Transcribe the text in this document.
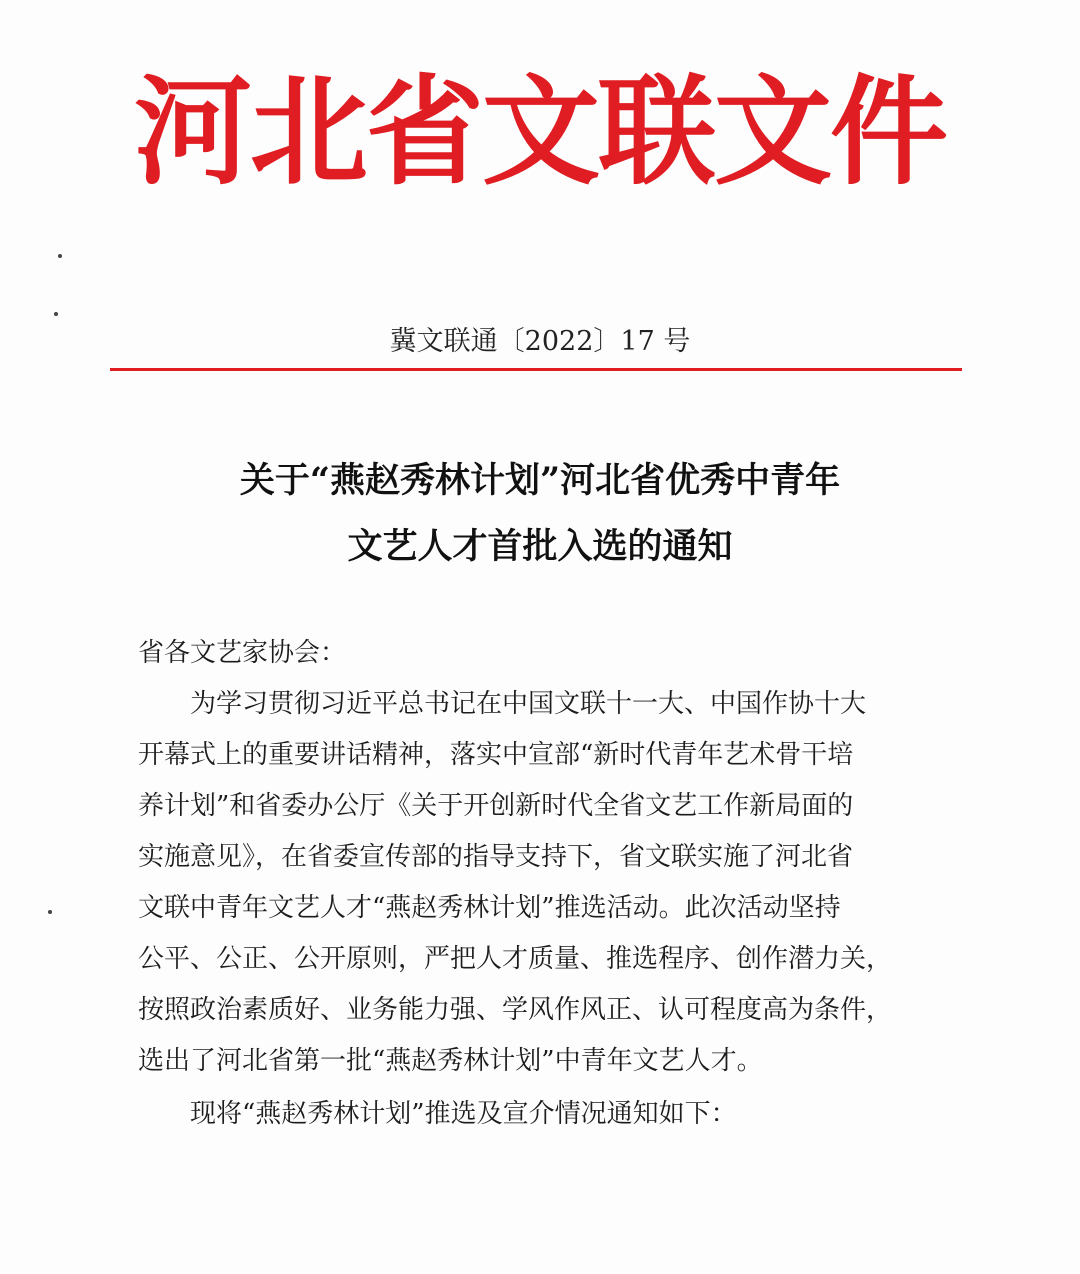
河北省文联文件
冀文联通〔2022〕17 号
关于“燕赵秀林计划”河北省优秀中青年
文艺人才首批入选的通知
省各文艺家协会：
为学习贯彻习近平总书记在中国文联十一大、中国作协十大
开幕式上的重要讲话精神，落实中宣部“新时代青年艺术骨干培
养计划”和省委办公厅《关于开创新时代全省文艺工作新局面的
实施意见》，在省委宣传部的指导支持下，省文联实施了河北省
文联中青年文艺人才“燕赵秀林计划”推选活动。此次活动坚持
公平、公正、公开原则，严把人才质量、推选程序、创作潜力关，
按照政治素质好、业务能力强、学风作风正、认可程度高为条件，
选出了河北省第一批“燕赵秀林计划”中青年文艺人才。
现将“燕赵秀林计划”推选及宣介情况通知如下：
